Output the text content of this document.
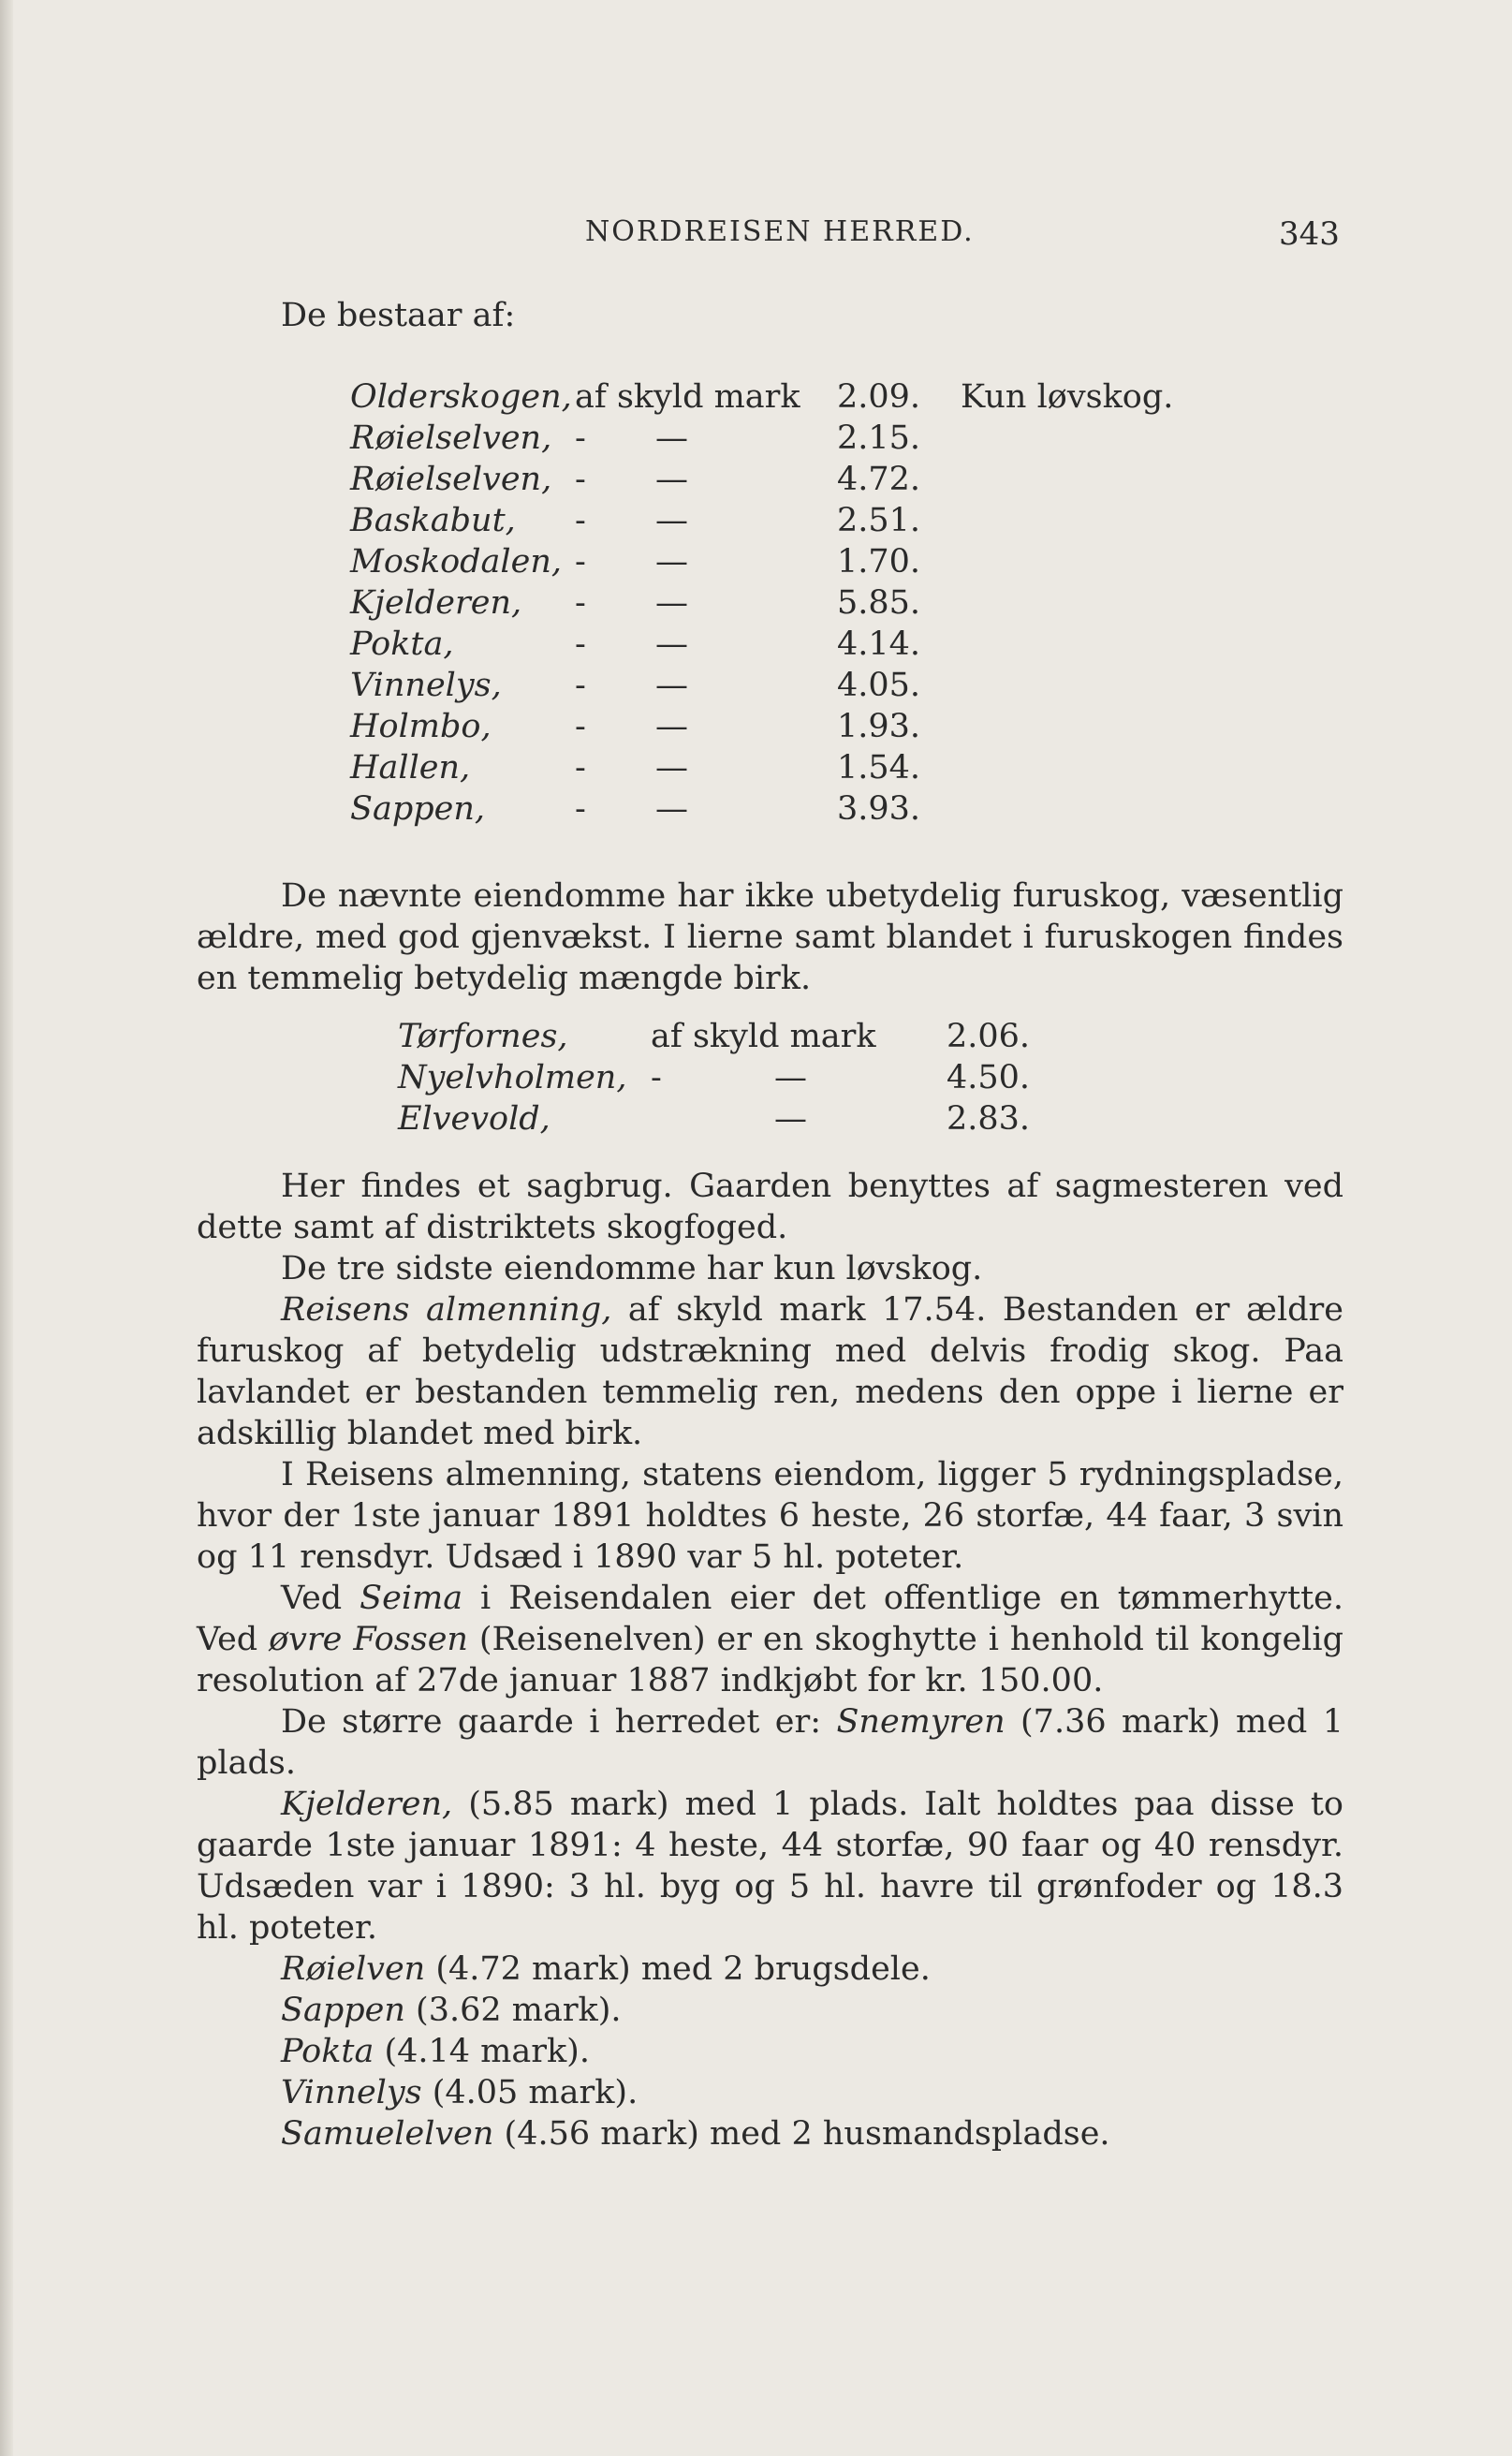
NORDREISEN HERRED.	343
De bestaar af:
Olderskogen, af skyld mark 2.09. Kun løvskog.
Røielselven, - —	2.15.
Røielselven, - —	4.72.
Baskabut, - —	2.51.
Moskodalen, - —	1.70.
Kjelderen, - —	5.85.
Pokta,	- —	4.14.
Vinnelys, - —	4.05.
Holmbo,	- —	1.93.
Hallen,	- —	1.54.
Sappen,	- —	3.93.

De nævnte eiendomme har ikke ubetydelig furuskog, væsentlig ældre, med god gjenvækst. I lierne samt blandet i furuskogen findes en temmelig betydelig mængde birk.

Tørfornes,	af skyld mark 2.06.
Nyelvholmen, -	—	4.50.
Elvevold,	—	2.83.

Her findes et sagbrug. Gaarden benyttes af sagmesteren ved dette samt af distriktets skogfoged.

De tre sidste eiendomme har kun løvskog.

Reisens almenning, af skyld mark 17.54. Bestanden er ældre furuskog af betydelig udstrækning med delvis frodig skog. Paa lavlandet er bestanden temmelig ren, medens den oppe i lierne er adskillig blandet med birk.

I Reisens almenning, statens eiendom, ligger 5 rydningspladse, hvor der 1ste januar 1891 holdtes 6 heste, 26 storfæ, 44 faar, 3 svin og 11 rensdyr. Udsæd i 1890 var 5 hl. poteter.

Ved Seima i Reisendalen eier det offentlige en tømmerhytte. Ved øvre Fossen (Reisenelven) er en skoghytte i henhold til kongelig resolution af 27de januar 1887 indkjøbt for kr. 150.00.

De større gaarde i herredet er: Snemyren (7.36 mark) med 1 plads.

Kjelderen, (5.85 mark) med 1 plads. Ialt holdtes paa disse to gaarde 1ste januar 1891: 4 heste, 44 storfæ, 90 faar og 40 rensdyr. Udsæden var i 1890: 3 hl. byg og 5 hl. havre til grønfoder og 18.3 hl. poteter.

Røielven (4.72 mark) med 2 brugsdele.

Sappen (3.62 mark).

Pokta (4.14 mark).

Vinnelys (4.05 mark).

Samuelelven (4.56 mark) med 2 husmandspladse.
